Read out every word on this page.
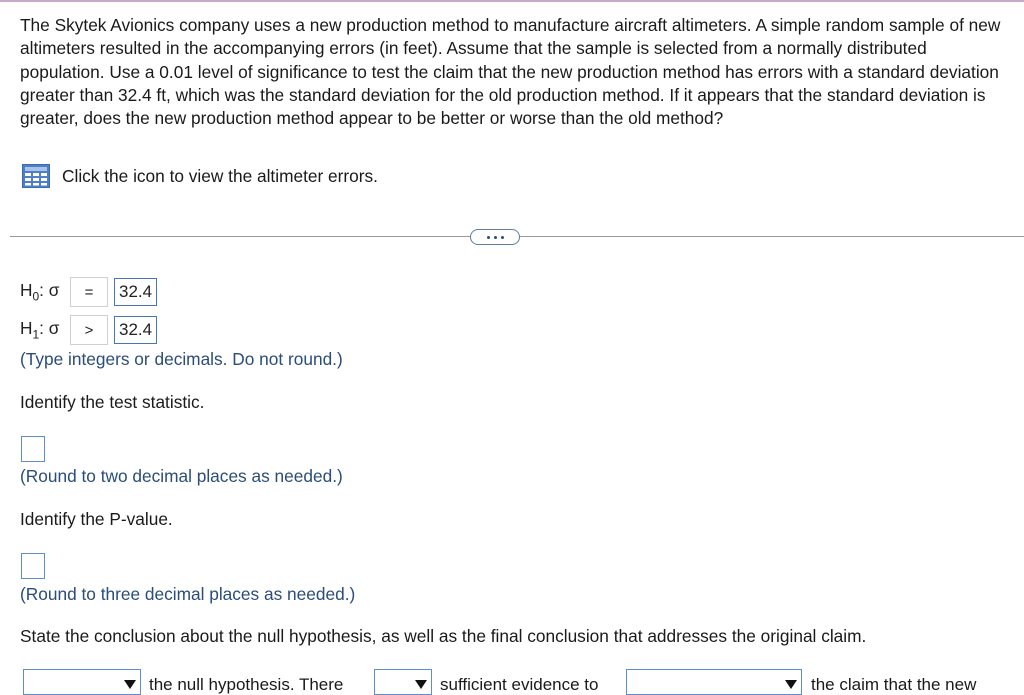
The Skytek Avionics company uses a new production method to manufacture aircraft altimeters. A simple random sample of new altimeters resulted in the accompanying errors (in feet). Assume that the sample is selected from a normally distributed population. Use a 0.01 level of significance to test the claim that the new production method has errors with a standard deviation greater than 32.4 ft, which was the standard deviation for the old production method. If it appears that the standard deviation is greater, does the new production method appear to be better or worse than the old method?
Click the icon to view the altimeter errors.
$H_0$: σ	=	32.4
$H_1$: σ	>	32.4
(Type integers or decimals. Do not round.)
Identify the test statistic.
(Round to two decimal places as needed.)
Identify the P-value.
(Round to three decimal places as needed.)
State the conclusion about the null hypothesis, as well as the final conclusion that addresses the original claim.
the null hypothesis. There	sufficient evidence to	the claim that the new
